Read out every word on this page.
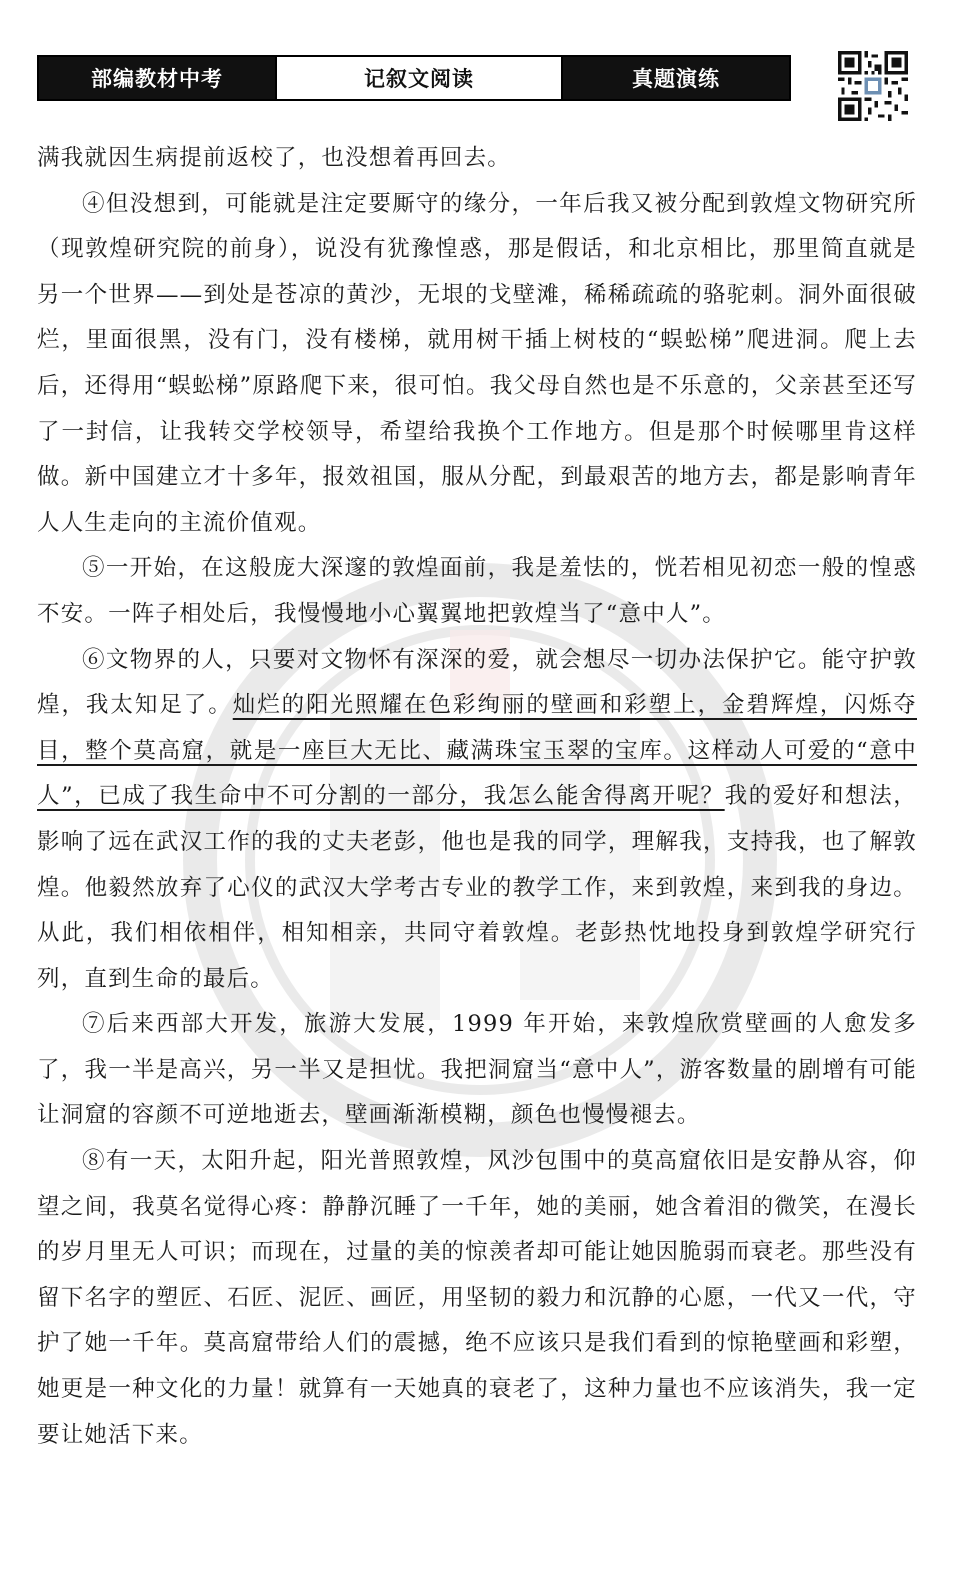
部编教材中考	记叙文阅读	真题演练

满我就因生病提前返校了，也没想着再回去。

④但没想到，可能就是注定要厮守的缘分，一年后我又被分配到敦煌文物研究所（现敦煌研究院的前身），说没有犹豫惶惑，那是假话，和北京相比，那里简直就是另一个世界——到处是苍凉的黄沙，无垠的戈壁滩，稀稀疏疏的骆驼刺。洞外面很破烂，里面很黑，没有门，没有楼梯，就用树干插上树枝的“蜈蚣梯”爬进洞。爬上去后，还得用“蜈蚣梯”原路爬下来，很可怕。我父母自然也是不乐意的，父亲甚至还写了一封信，让我转交学校领导，希望给我换个工作地方。但是那个时候哪里肯这样做。新中国建立才十多年，报效祖国，服从分配，到最艰苦的地方去，都是影响青年人人生走向的主流价值观。

⑤一开始，在这般庞大深邃的敦煌面前，我是羞怯的，恍若相见初恋一般的惶惑不安。一阵子相处后，我慢慢地小心翼翼地把敦煌当了“意中人”。

⑥文物界的人，只要对文物怀有深深的爱，就会想尽一切办法保护它。能守护敦煌，我太知足了。灿烂的阳光照耀在色彩绚丽的壁画和彩塑上，金碧辉煌，闪烁夺目，整个莫高窟，就是一座巨大无比、藏满珠宝玉翠的宝库。这样动人可爱的“意中人”，已成了我生命中不可分割的一部分，我怎么能舍得离开呢？我的爱好和想法，影响了远在武汉工作的我的丈夫老彭，他也是我的同学，理解我，支持我，也了解敦煌。他毅然放弃了心仪的武汉大学考古专业的教学工作，来到敦煌，来到我的身边。从此，我们相依相伴，相知相亲，共同守着敦煌。老彭热忱地投身到敦煌学研究行列，直到生命的最后。

⑦后来西部大开发，旅游大发展，1999 年开始，来敦煌欣赏壁画的人愈发多了，我一半是高兴，另一半又是担忧。我把洞窟当“意中人”，游客数量的剧增有可能让洞窟的容颜不可逆地逝去，壁画渐渐模糊，颜色也慢慢褪去。

⑧有一天，太阳升起，阳光普照敦煌，风沙包围中的莫高窟依旧是安静从容，仰望之间，我莫名觉得心疼：静静沉睡了一千年，她的美丽，她含着泪的微笑，在漫长的岁月里无人可识；而现在，过量的美的惊羡者却可能让她因脆弱而衰老。那些没有留下名字的塑匠、石匠、泥匠、画匠，用坚韧的毅力和沉静的心愿，一代又一代，守护了她一千年。莫高窟带给人们的震撼，绝不应该只是我们看到的惊艳壁画和彩塑，她更是一种文化的力量！就算有一天她真的衰老了，这种力量也不应该消失，我一定要让她活下来。
